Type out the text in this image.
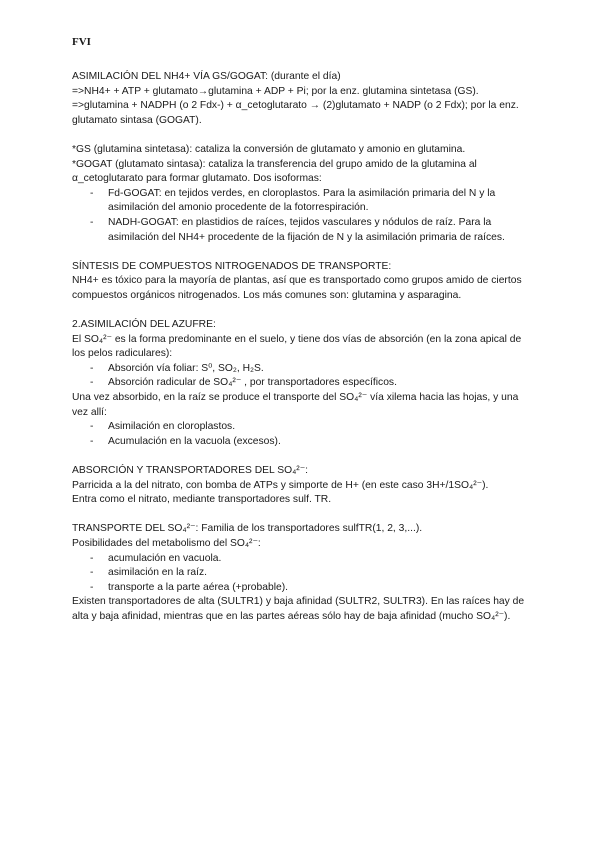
FVI

ASIMILACIÓN DEL NH4+ VÍA GS/GOGAT: (durante el día)

=>NH4+ + ATP + glutamato→glutamina + ADP + Pi; por la enz. glutamina sintetasa (GS).

=>glutamina + NADPH (o 2 Fdx-) + α_cetoglutarato → (2)glutamato + NADP (o 2 Fdx); por la enz. glutamato sintasa (GOGAT).

*GS (glutamina sintetasa): cataliza la conversión de glutamato y amonio en glutamina.

*GOGAT (glutamato sintasa): cataliza la transferencia del grupo amido de la glutamina al α_cetoglutarato para formar glutamato. Dos isoformas:

- Fd-GOGAT: en tejidos verdes, en cloroplastos. Para la asimilación primaria del N y la asimilación del amonio procedente de la fotorrespiración.
- NADH-GOGAT: en plastidios de raíces, tejidos vasculares y nódulos de raíz. Para la asimilación del NH4+ procedente de la fijación de N y la asimilación primaria de raíces.

SÍNTESIS DE COMPUESTOS NITROGENADOS DE TRANSPORTE:

NH4+ es tóxico para la mayoría de plantas, así que es transportado como grupos amido de ciertos compuestos orgánicos nitrogenados. Los más comunes son: glutamina y asparagina.

2.ASIMILACIÓN DEL AZUFRE:

El SO₄²⁻ es la forma predominante en el suelo, y tiene dos vías de absorción (en la zona apical de los pelos radiculares):

- Absorción vía foliar: S⁰, SO₂, H₂S.
- Absorción radicular de SO₄²⁻ , por transportadores específicos.

Una vez absorbido, en la raíz se produce el transporte del SO₄²⁻ vía xilema hacia las hojas, y una vez allí:

- Asimilación en cloroplastos.
- Acumulación en la vacuola (excesos).

ABSORCIÓN Y TRANSPORTADORES DEL SO₄²⁻:

Parricida a la del nitrato, con bomba de ATPs y simporte de H+ (en este caso 3H+/1SO₄²⁻).

Entra como el nitrato, mediante transportadores sulf. TR.

TRANSPORTE DEL SO₄²⁻: Familia de los transportadores sulfTR(1, 2, 3,...).

Posibilidades del metabolismo del SO₄²⁻:

- acumulación en vacuola.
- asimilación en la raíz.
- transporte a la parte aérea (+probable).

Existen transportadores de alta (SULTR1) y baja afinidad (SULTR2, SULTR3). En las raíces hay de alta y baja afinidad, mientras que en las partes aéreas sólo hay de baja afinidad (mucho SO₄²⁻).
